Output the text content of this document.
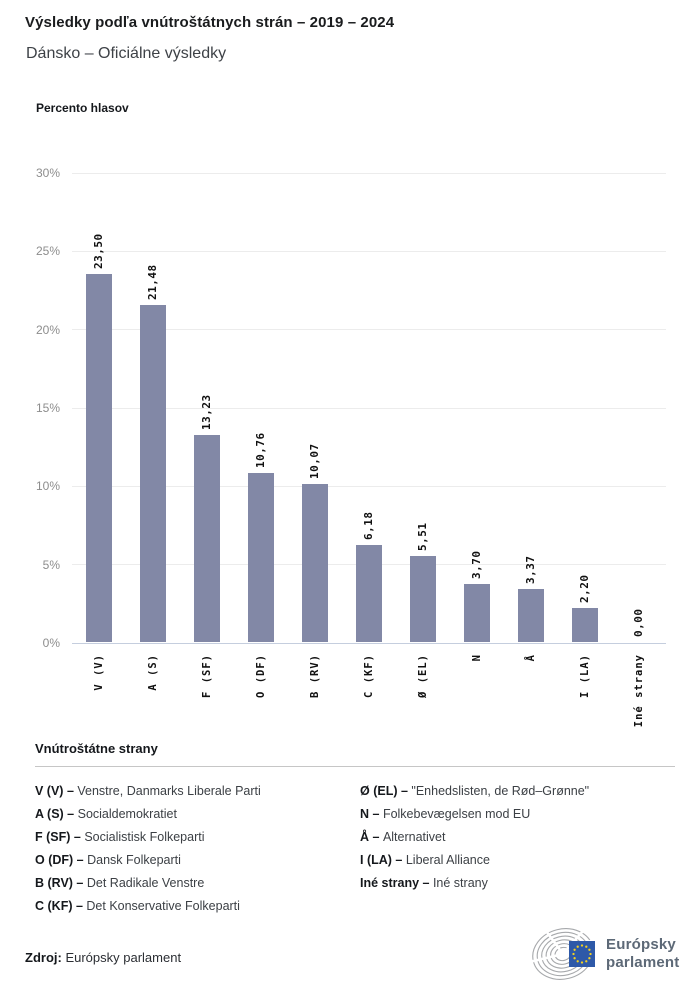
Výsledky podľa vnútroštátnych strán – 2019 – 2024
Dánsko – Oficiálne výsledky
Percento hlasov
0%
5%
10%
15%
20%
25%
30%
23,50
V (V)
21,48
A (S)
13,23
F (SF)
10,76
O (DF)
10,07
B (RV)
6,18
C (KF)
5,51
Ø (EL)
3,70
N
3,37
Å
2,20
I (LA)
0,00
Iné strany
Vnútroštátne strany
V (V) – Venstre, Danmarks Liberale Parti
A (S) – Socialdemokratiet
F (SF) – Socialistisk Folkeparti
O (DF) – Dansk Folkeparti
B (RV) – Det Radikale Venstre
C (KF) – Det Konservative Folkeparti
Ø (EL) – "Enhedslisten, de Rød–Grønne"
N – Folkebevægelsen mod EU
Å – Alternativet
I (LA) – Liberal Alliance
Iné strany – Iné strany
Zdroj: Európsky parlament
Európsky
parlament
